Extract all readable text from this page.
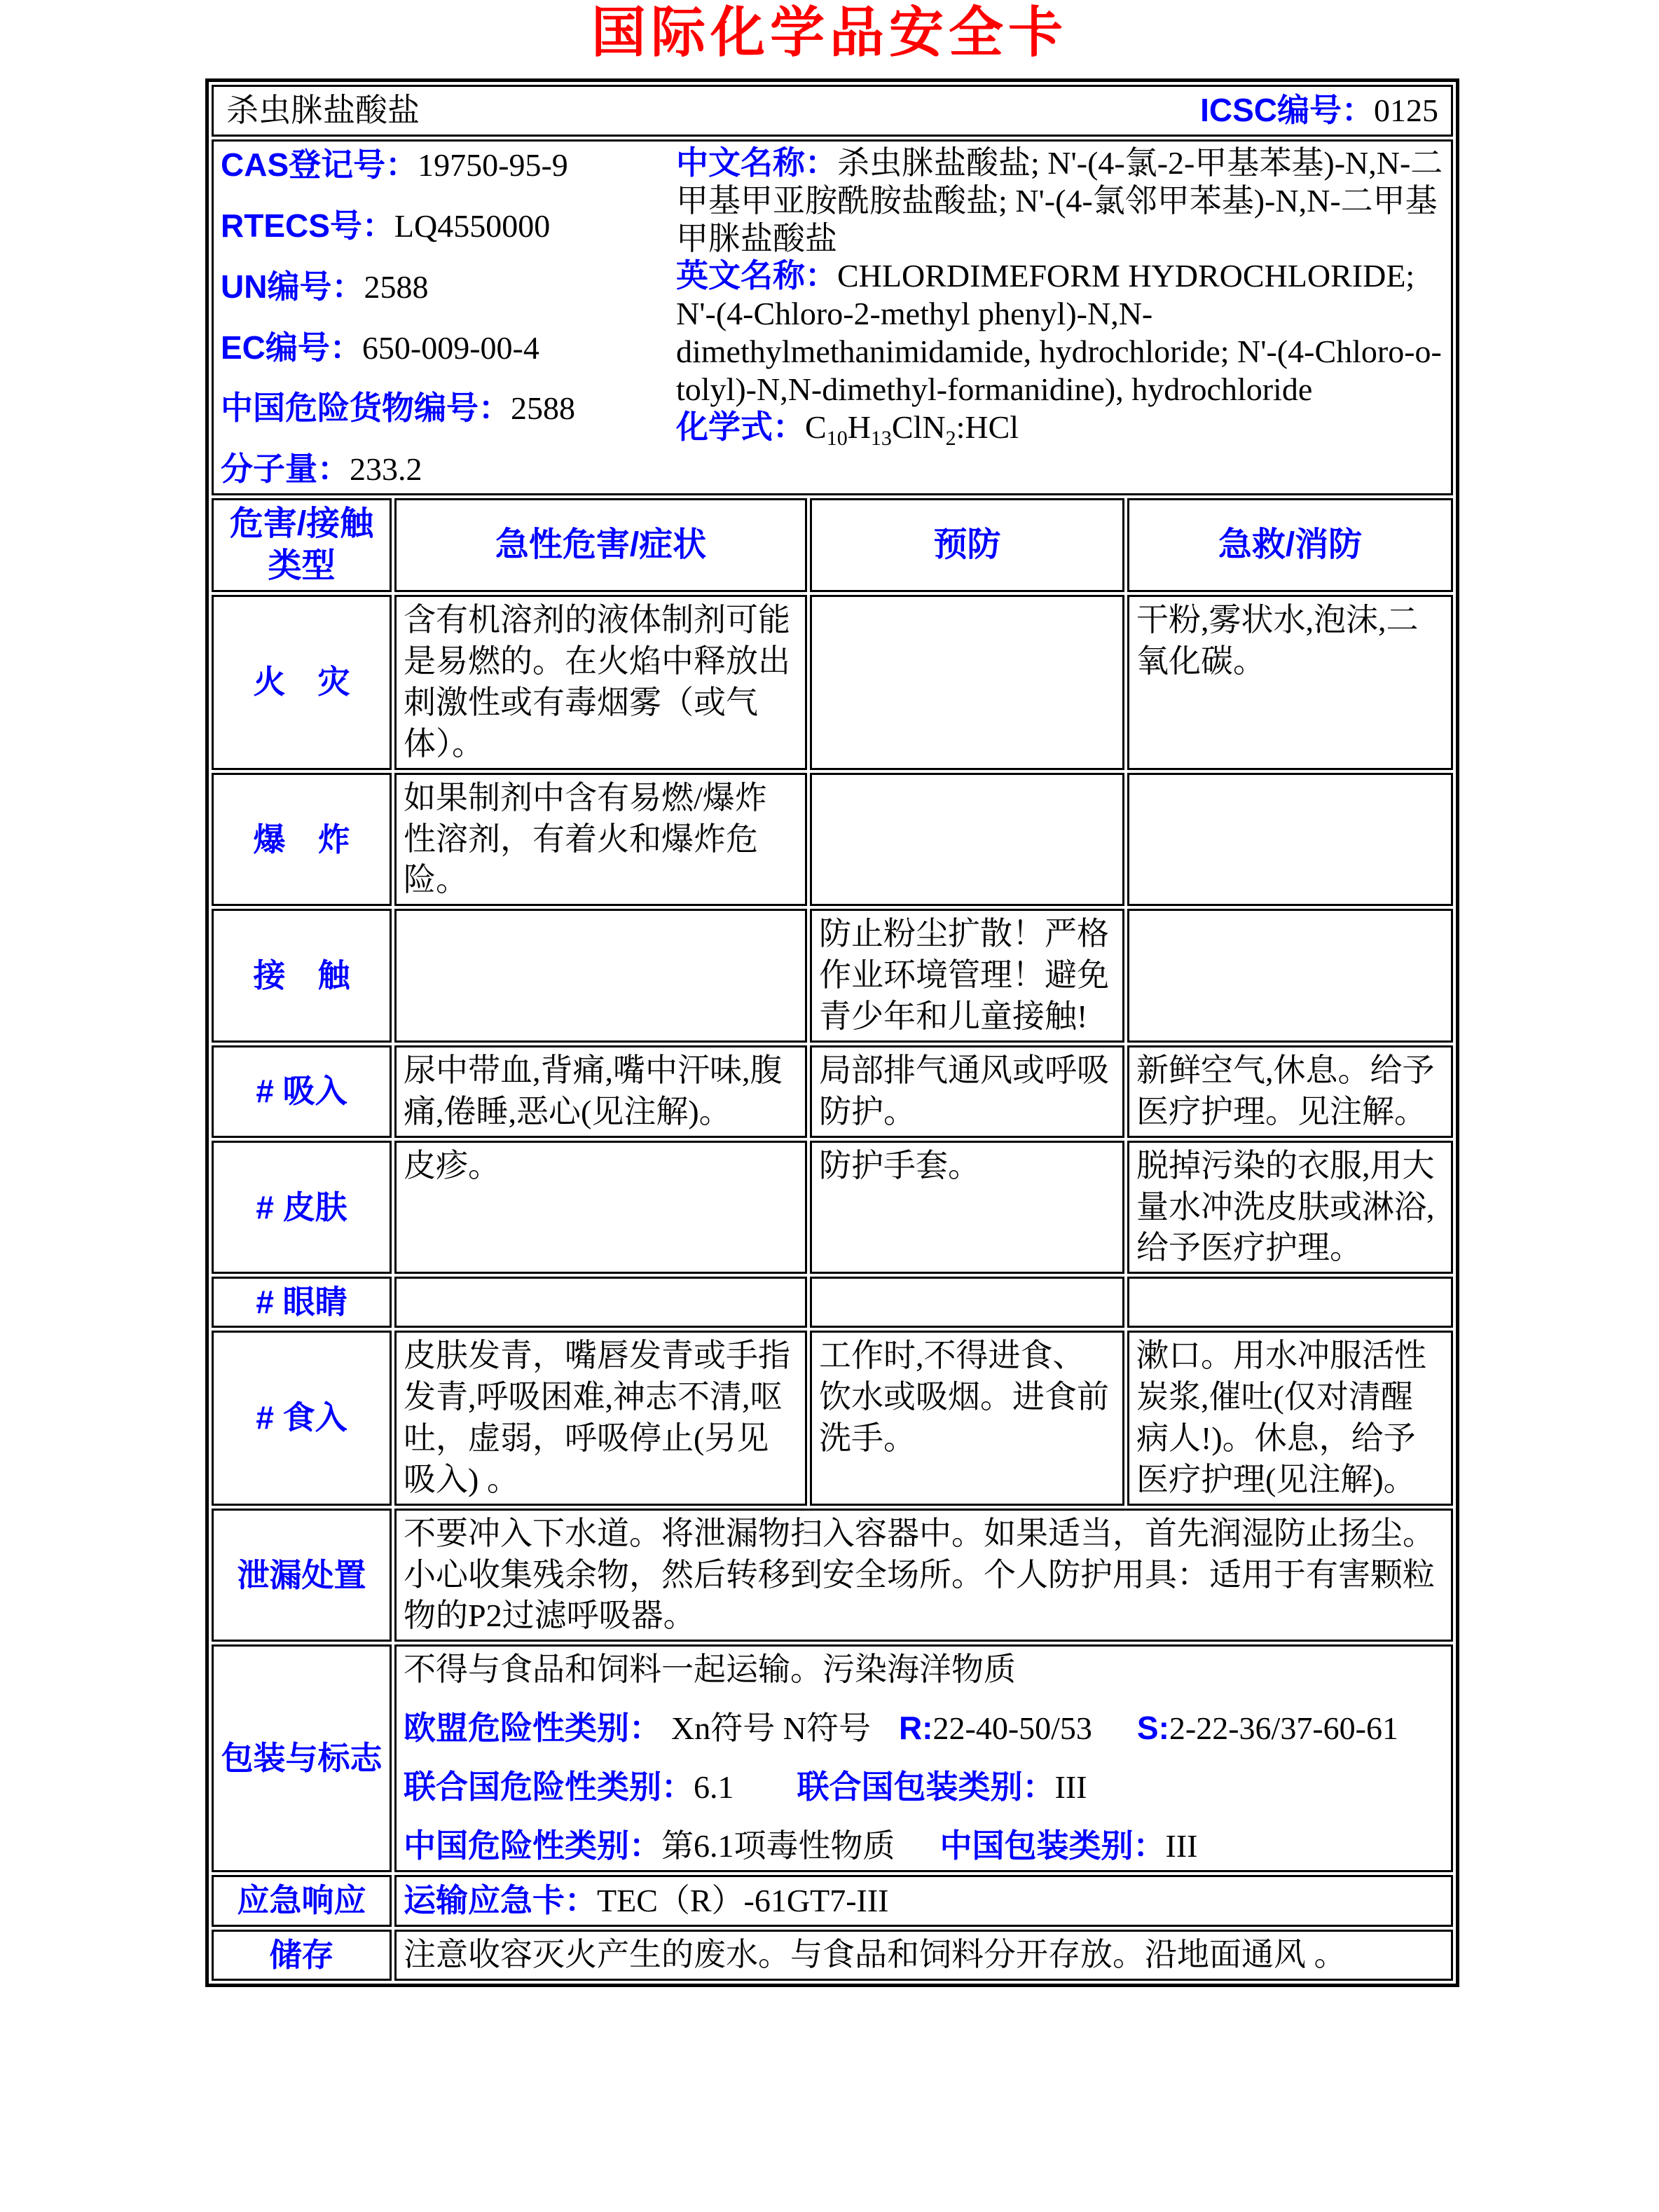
国际化学品安全卡
杀虫脒盐酸盐 ICSC编号：0125			

CAS登记号：19750-95-9
RTECS号：LQ4550000
UN编号：2588
EC编号：650-009-00-4
中国危险货物编号：2588
分子量：233.2

中文名称：杀虫脒盐酸盐; N'-(4-氯-2-甲基苯基)-N,N-二甲基甲亚胺酰胺盐酸盐; N'-(4-氯邻甲苯基)-N,N-二甲基甲脒盐酸盐

英文名称：CHLORDIMEFORM HYDROCHLORIDE; N'-(4-Chloro-2-methyl phenyl)-N,N-dimethylmethanimidamide, hydrochloride; N'-(4-Chloro-o-tolyl)-N,N-dimethyl-formanidine), hydrochloride

化学式：$C_{10}H_{13}ClN_2:HCl$

危害/接触 类型	急性危害/症状	预防	急救/消防
火　灾	含有机溶剂的液体制剂可能是易燃的。在火焰中释放出刺激性或有毒烟雾（或气体）。		干粉,雾状水,泡沫,二氧化碳。
爆　炸	如果制剂中含有易燃/爆炸性溶剂，有着火和爆炸危险。		
接　触		防止粉尘扩散！严格作业环境管理！避免青少年和儿童接触!	
# 吸入	尿中带血,背痛,嘴中汗味,腹痛,倦睡,恶心(见注解)。	局部排气通风或呼吸防护。	新鲜空气,休息。给予医疗护理。见注解。
# 皮肤	皮疹。	防护手套。	脱掉污染的衣服,用大量水冲洗皮肤或淋浴,给予医疗护理。
# 眼睛			
# 食入	皮肤发青，嘴唇发青或手指发青,呼吸困难,神志不清,呕吐，虚弱，呼吸停止(另见吸入) 。	工作时,不得进食、饮水或吸烟。进食前洗手。	漱口。用水冲服活性炭浆,催吐(仅对清醒病人!)。休息，给予医疗护理(见注解)。
泄漏处置	不要冲入下水道。将泄漏物扫入容器中。如果适当，首先润湿防止扬尘。小心收集残余物，然后转移到安全场所。个人防护用具：适用于有害颗粒物的P2过滤呼吸器。		
包装与标志	不得与食品和饲料一起运输。污染海洋物质

欧盟危险性类别： Xn符号 N符号 R:22-40-50/53 S:2-22-36/37-60-61

联合国危险性类别：6.1 联合国包装类别：III

中国危险性类别：第6.1项毒性物质 中国包装类别：III		

应急响应	运输应急卡：TEC（R）-61GT7-III		
储存	注意收容灭火产生的废水。与食品和饲料分开存放。沿地面通风 。		
